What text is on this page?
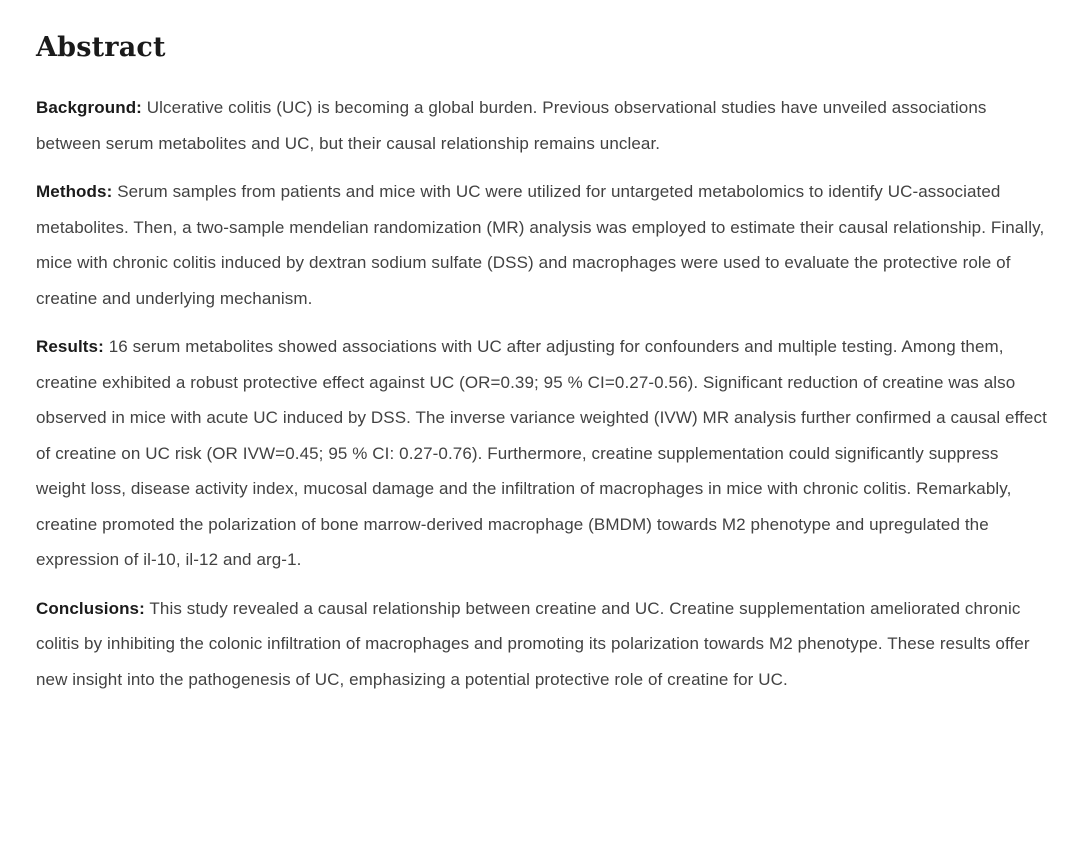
Abstract

Background: Ulcerative colitis (UC) is becoming a global burden. Previous observational studies have unveiled associations between serum metabolites and UC, but their causal relationship remains unclear.

Methods: Serum samples from patients and mice with UC were utilized for untargeted metabolomics to identify UC-associated metabolites. Then, a two-sample mendelian randomization (MR) analysis was employed to estimate their causal relationship. Finally, mice with chronic colitis induced by dextran sodium sulfate (DSS) and macrophages were used to evaluate the protective role of creatine and underlying mechanism.

Results: 16 serum metabolites showed associations with UC after adjusting for confounders and multiple testing. Among them, creatine exhibited a robust protective effect against UC (OR=0.39; 95 % CI=0.27-0.56). Significant reduction of creatine was also observed in mice with acute UC induced by DSS. The inverse variance weighted (IVW) MR analysis further confirmed a causal effect of creatine on UC risk (OR IVW=0.45; 95 % CI: 0.27-0.76). Furthermore, creatine supplementation could significantly suppress weight loss, disease activity index, mucosal damage and the infiltration of macrophages in mice with chronic colitis. Remarkably, creatine promoted the polarization of bone marrow-derived macrophage (BMDM) towards M2 phenotype and upregulated the expression of il-10, il-12 and arg-1.

Conclusions: This study revealed a causal relationship between creatine and UC. Creatine supplementation ameliorated chronic colitis by inhibiting the colonic infiltration of macrophages and promoting its polarization towards M2 phenotype. These results offer new insight into the pathogenesis of UC, emphasizing a potential protective role of creatine for UC.
